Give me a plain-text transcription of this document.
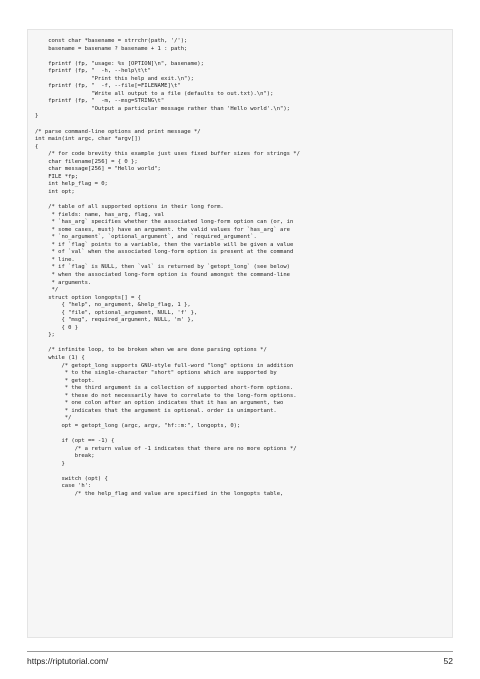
const char *basename = strrchr(path, '/');
basename = basename ? basename + 1 : path;

fprintf (fp, "usage: %s [OPTION]\n", basename);
fprintf (fp, "  -h, --help\t\t"
"Print this help and exit.\n");
fprintf (fp, "  -f, --file[=FILENAME]\t"
"Write all output to a file (defaults to out.txt).\n");
fprintf (fp, "  -m, --msg=STRING\t"
"Output a particular message rather than 'Hello world'.\n");
}

/* parse command-line options and print message */
int main(int argc, char *argv[])
{
/* for code brevity this example just uses fixed buffer sizes for strings */
char filename[256] = { 0 };
char message[256] = "Hello world";
FILE *fp;
int help_flag = 0;
int opt;

/* table of all supported options in their long form.
* fields: name, has_arg, flag, val
* `has_arg` specifies whether the associated long-form option can (or, in
* some cases, must) have an argument. the valid values for `has_arg` are
* `no_argument`, `optional_argument`, and `required_argument`.
* if `flag` points to a variable, then the variable will be given a value
* of `val` when the associated long-form option is present at the command
* line.
* if `flag` is NULL, then `val` is returned by `getopt_long` (see below)
* when the associated long-form option is found amongst the command-line
* arguments.
*/
struct option longopts[] = {
{ "help", no_argument, &help_flag, 1 },
{ "file", optional_argument, NULL, 'f' },
{ "msg", required_argument, NULL, 'm' },
{ 0 }
};

/* infinite loop, to be broken when we are done parsing options */
while (1) {
/* getopt_long supports GNU-style full-word "long" options in addition
* to the single-character "short" options which are supported by
* getopt.
* the third argument is a collection of supported short-form options.
* these do not necessarily have to correlate to the long-form options.
* one colon after an option indicates that it has an argument, two
* indicates that the argument is optional. order is unimportant.
*/
opt = getopt_long (argc, argv, "hf::m:", longopts, 0);

if (opt == -1) {
/* a return value of -1 indicates that there are no more options */
break;
}

switch (opt) {
case 'h':
/* the help_flag and value are specified in the longopts table,
https://riptutorial.com/	52
